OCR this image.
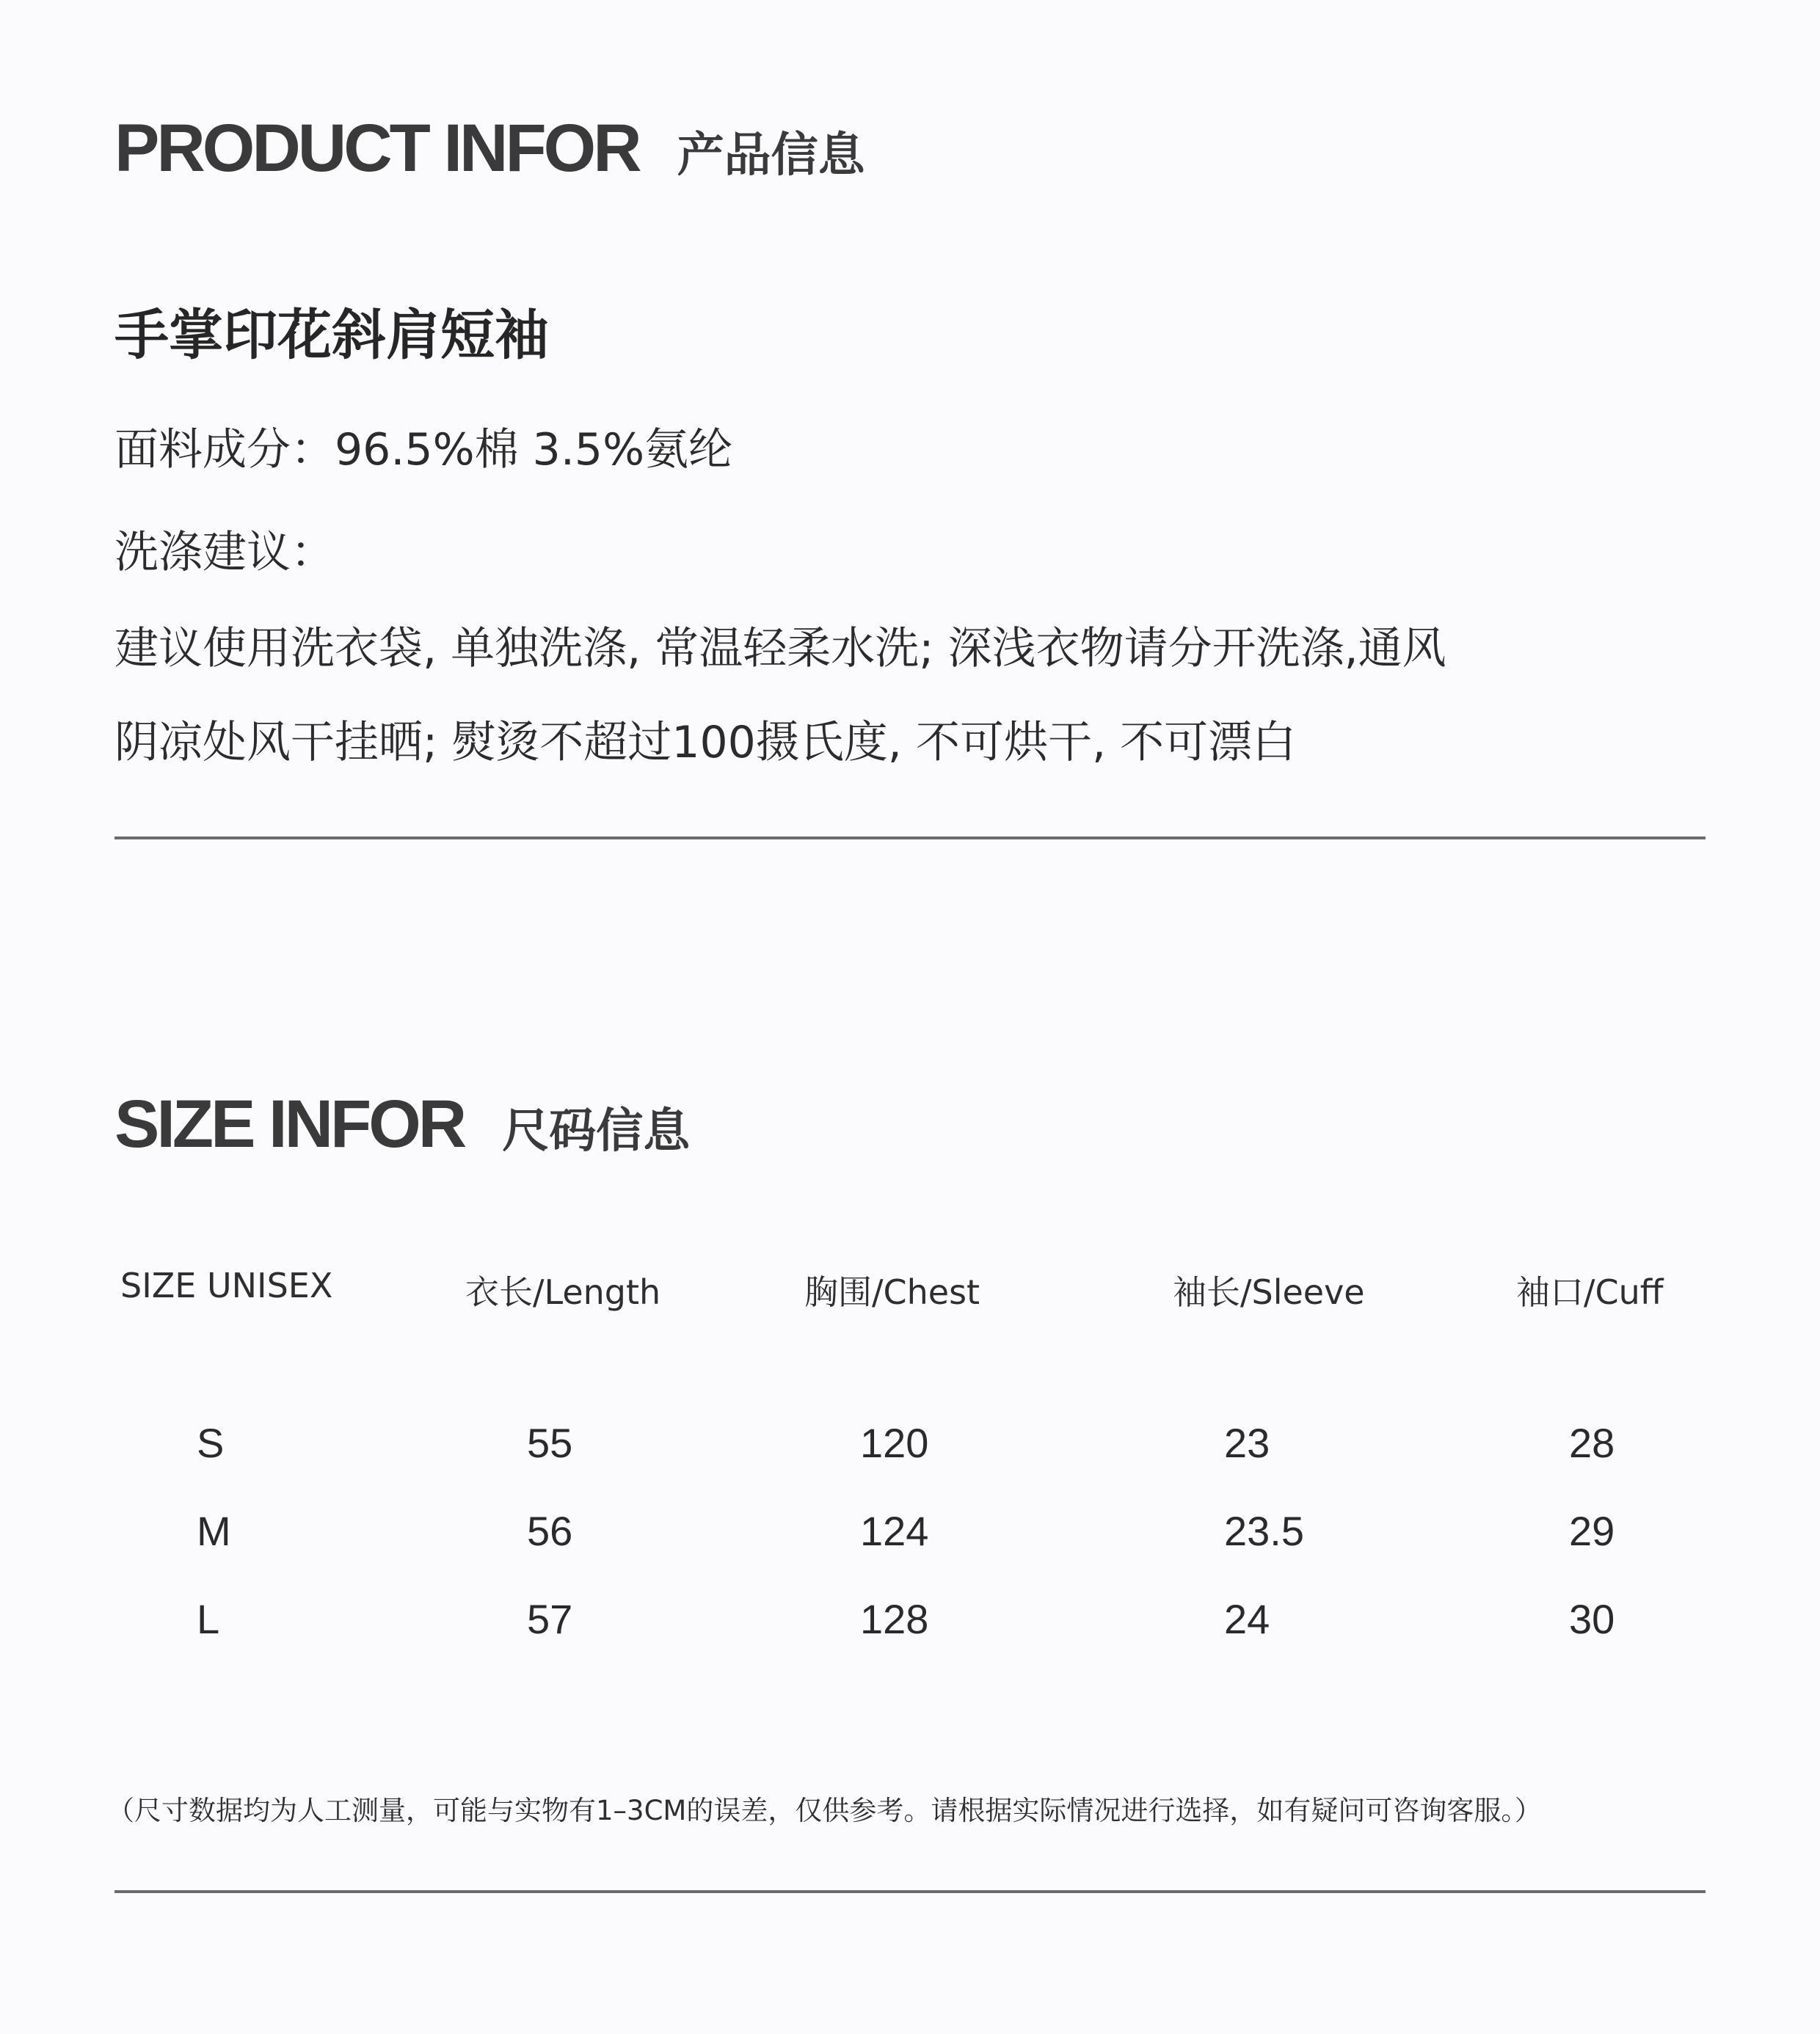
PRODUCT INFOR 产品信息
手掌印花斜肩短袖
面料成分：96.5%棉 3.5%氨纶
洗涤建议：
建议使用洗衣袋, 单独洗涤, 常温轻柔水洗; 深浅衣物请分开洗涤,通风
阴凉处风干挂晒; 熨烫不超过100摄氏度, 不可烘干, 不可漂白
SIZE INFOR 尺码信息
SIZE UNISEX	衣长/Length	胸围/Chest	袖长/Sleeve	袖口/Cuff
S	55	120	23	28
M	56	124	23.5	29
L	57	128	24	30
（尺寸数据均为人工测量，可能与实物有1–3CM的误差，仅供参考。请根据实际情况进行选择，如有疑问可咨询客服。）
